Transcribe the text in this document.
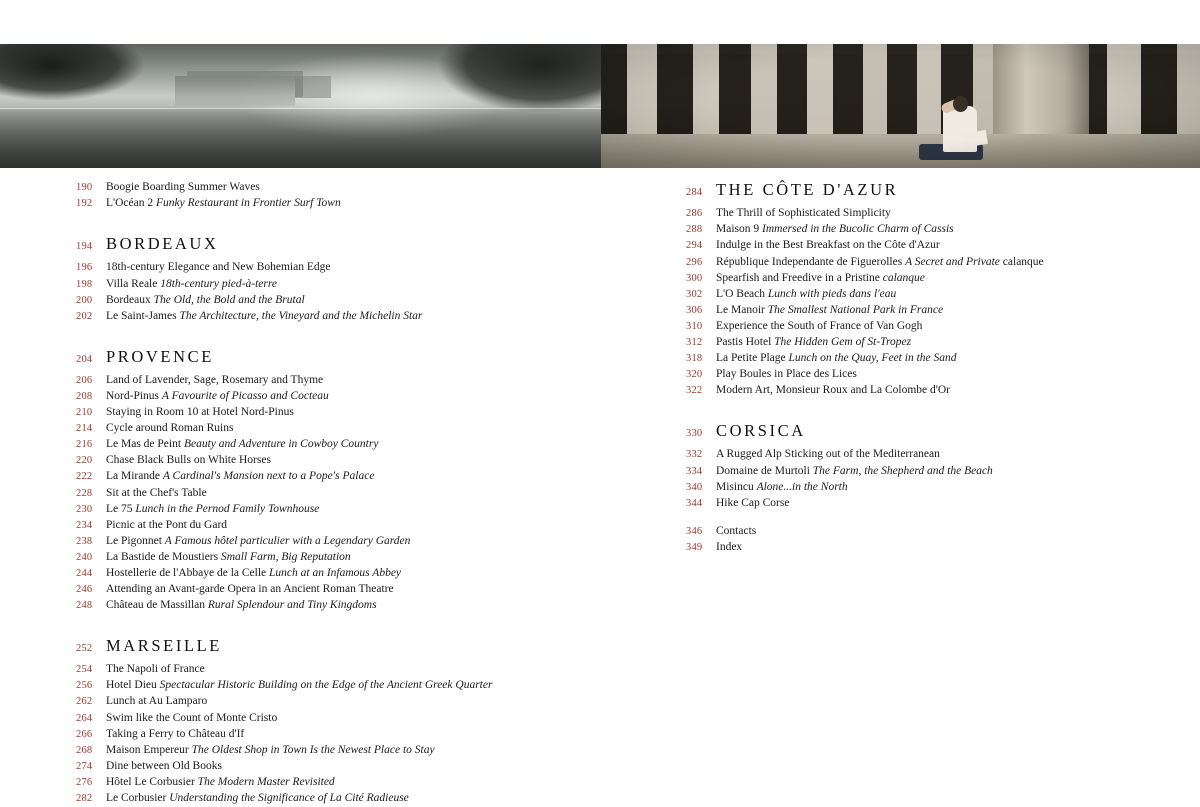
190	Boogie Boarding Summer Waves
192	L'Océan 2 Funky Restaurant in Frontier Surf Town
194 BORDEAUX
196	18th-century Elegance and New Bohemian Edge
198	Villa Reale 18th-century pied-à-terre
200	Bordeaux The Old, the Bold and the Brutal
202	Le Saint-James The Architecture, the Vineyard and the Michelin Star
204 PROVENCE
206	Land of Lavender, Sage, Rosemary and Thyme
208	Nord-Pinus A Favourite of Picasso and Cocteau
210	Staying in Room 10 at Hotel Nord-Pinus
214	Cycle around Roman Ruins
216	Le Mas de Peint Beauty and Adventure in Cowboy Country
220	Chase Black Bulls on White Horses
222	La Mirande A Cardinal's Mansion next to a Pope's Palace
228	Sit at the Chef's Table
230	Le 75 Lunch in the Pernod Family Townhouse
234	Picnic at the Pont du Gard
238	Le Pigonnet A Famous hôtel particulier with a Legendary Garden
240	La Bastide de Moustiers Small Farm, Big Reputation
244	Hostellerie de l'Abbaye de la Celle Lunch at an Infamous Abbey
246	Attending an Avant-garde Opera in an Ancient Roman Theatre
248	Château de Massillan Rural Splendour and Tiny Kingdoms
252 MARSEILLE
254	The Napoli of France
256	Hotel Dieu Spectacular Historic Building on the Edge of the Ancient Greek Quarter
262	Lunch at Au Lamparo
264	Swim like the Count of Monte Cristo
266	Taking a Ferry to Château d'If
268	Maison Empereur The Oldest Shop in Town Is the Newest Place to Stay
274	Dine between Old Books
276	Hôtel Le Corbusier The Modern Master Revisited
282	Le Corbusier Understanding the Significance of La Cité Radieuse
284 THE CÔTE D'AZUR
286	The Thrill of Sophisticated Simplicity
288	Maison 9 Immersed in the Bucolic Charm of Cassis
294	Indulge in the Best Breakfast on the Côte d'Azur
296	République Independante de Figuerolles A Secret and Private calanque
300	Spearfish and Freedive in a Pristine calanque
302	L'O Beach Lunch with pieds dans l'eau
306	Le Manoir The Smallest National Park in France
310	Experience the South of France of Van Gogh
312	Pastis Hotel The Hidden Gem of St-Tropez
318	La Petite Plage Lunch on the Quay, Feet in the Sand
320	Play Boules in Place des Lices
322	Modern Art, Monsieur Roux and La Colombe d'Or
330 CORSICA
332	A Rugged Alp Sticking out of the Mediterranean
334	Domaine de Murtoli The Farm, the Shepherd and the Beach
340	Misincu Alone...in the North
344	Hike Cap Corse
346	Contacts
349	Index
